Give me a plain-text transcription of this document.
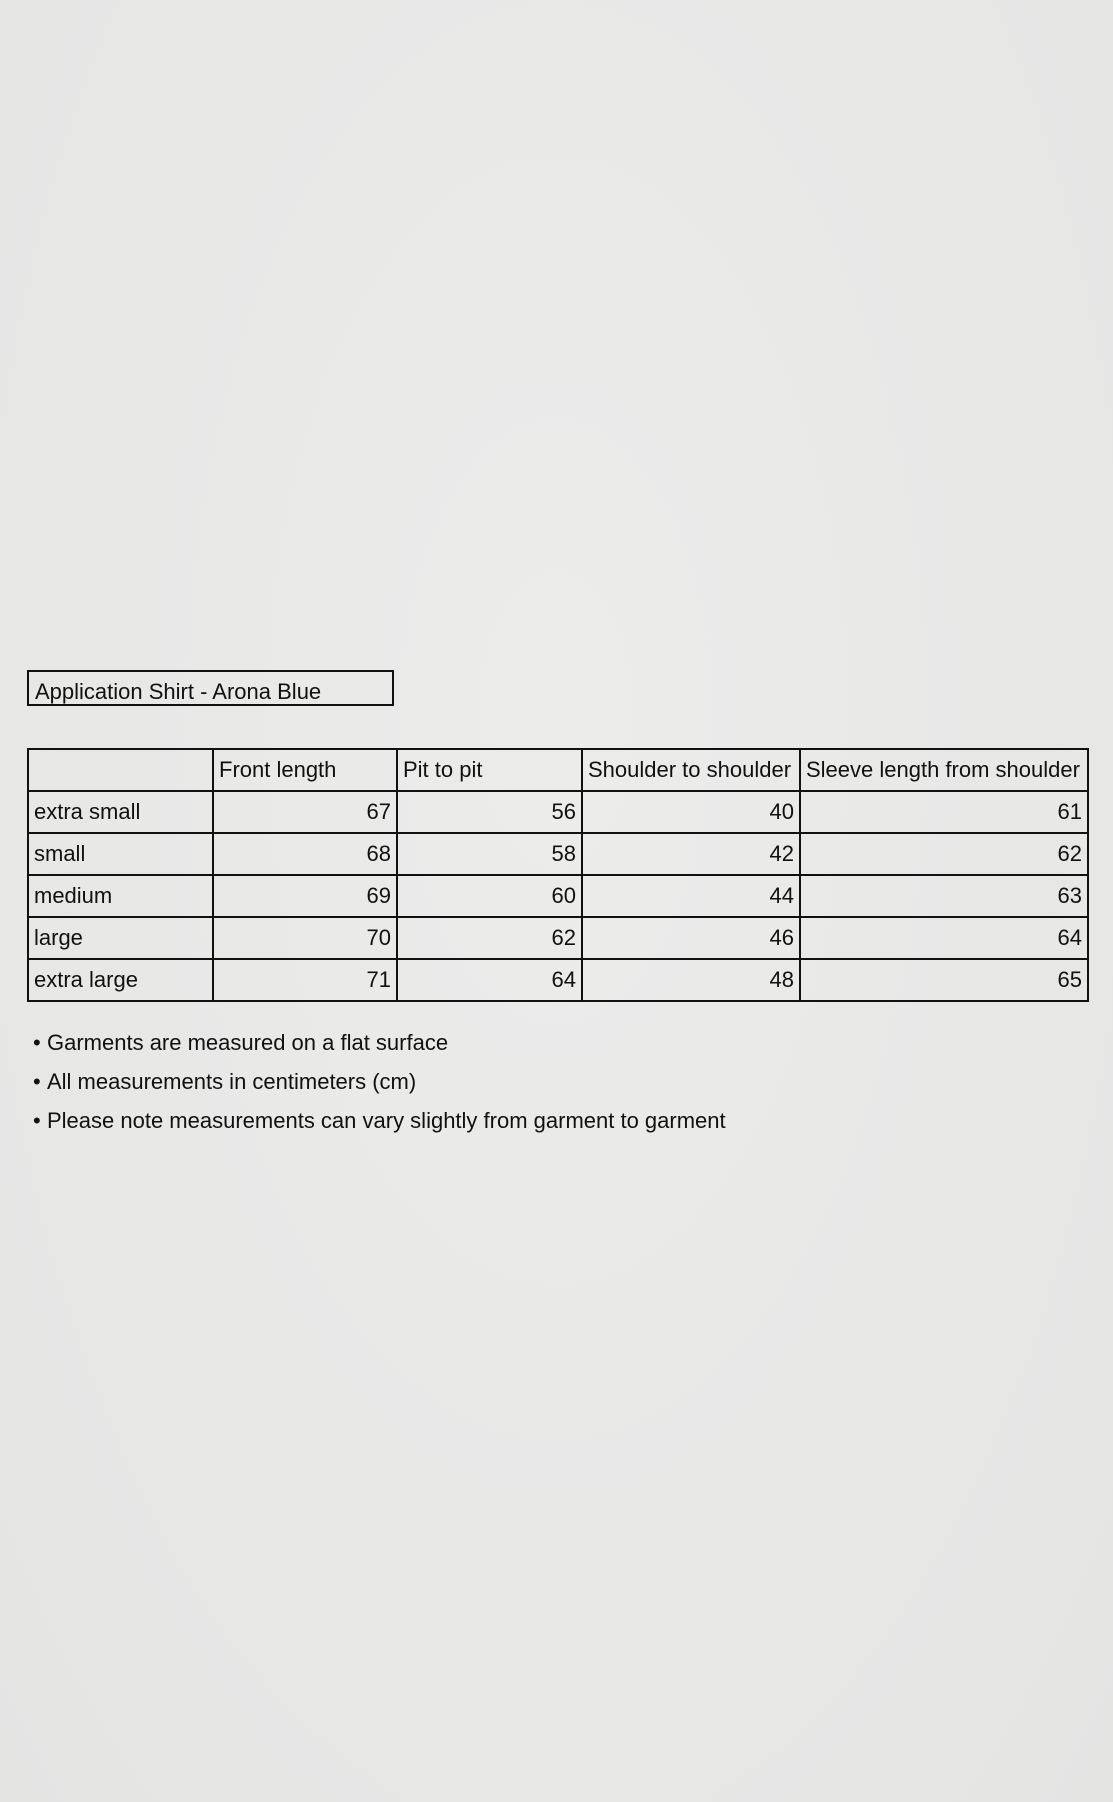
Application Shirt - Arona Blue
	Front length	Pit to pit	Shoulder to shoulder	Sleeve length from shoulder
extra small	67	56	40	61
small	68	58	42	62
medium	69	60	44	63
large	70	62	46	64
extra large	71	64	48	65
• Garments are measured on a flat surface
• All measurements in centimeters (cm)
• Please note measurements can vary slightly from garment to garment
